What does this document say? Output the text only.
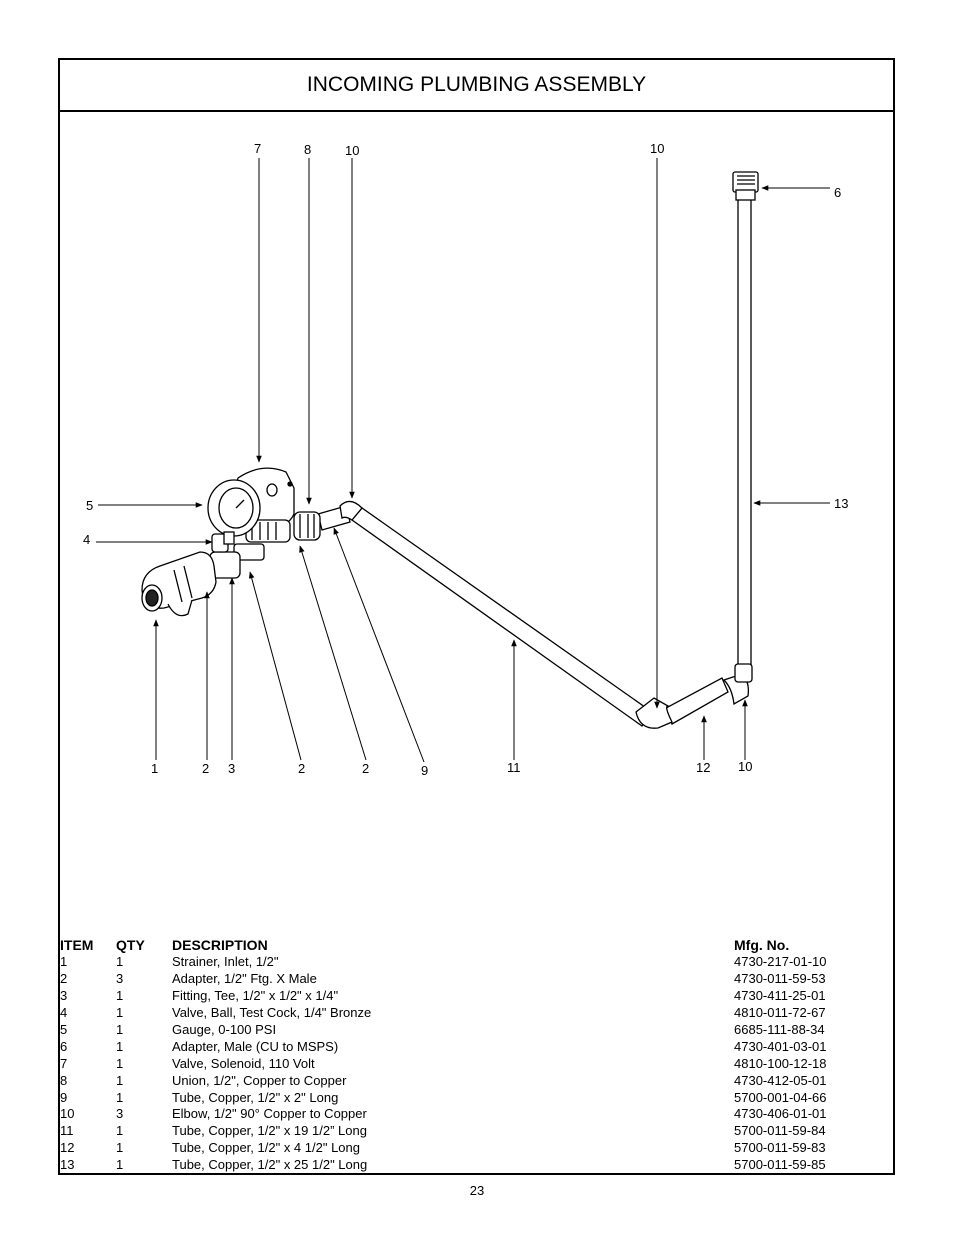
INCOMING PLUMBING ASSEMBLY
7	8	10	10
6
5
4
13
1	2 3	2	2	9	11	12 10
ITEM	QTY	DESCRIPTION	Mfg. No.
1	1	Strainer, Inlet, 1/2"	4730-217-01-10
2	3	Adapter, 1/2" Ftg. X Male	4730-011-59-53
3	1	Fitting, Tee, 1/2" x 1/2" x 1/4"	4730-411-25-01
4	1	Valve, Ball, Test Cock, 1/4" Bronze	4810-011-72-67
5	1	Gauge, 0-100 PSI	6685-111-88-34
6	1	Adapter, Male (CU to MSPS)	4730-401-03-01
7	1	Valve, Solenoid, 110 Volt	4810-100-12-18
8	1	Union, 1/2", Copper to Copper	4730-412-05-01
9	1	Tube, Copper, 1/2" x 2" Long	5700-001-04-66
10	3	Elbow, 1/2" 90° Copper to Copper	4730-406-01-01
11	1	Tube, Copper, 1/2" x 19 1/2” Long	5700-011-59-84
12	1	Tube, Copper, 1/2" x 4 1/2" Long	5700-011-59-83
13	1	Tube, Copper, 1/2" x 25 1/2" Long	5700-011-59-85
23
